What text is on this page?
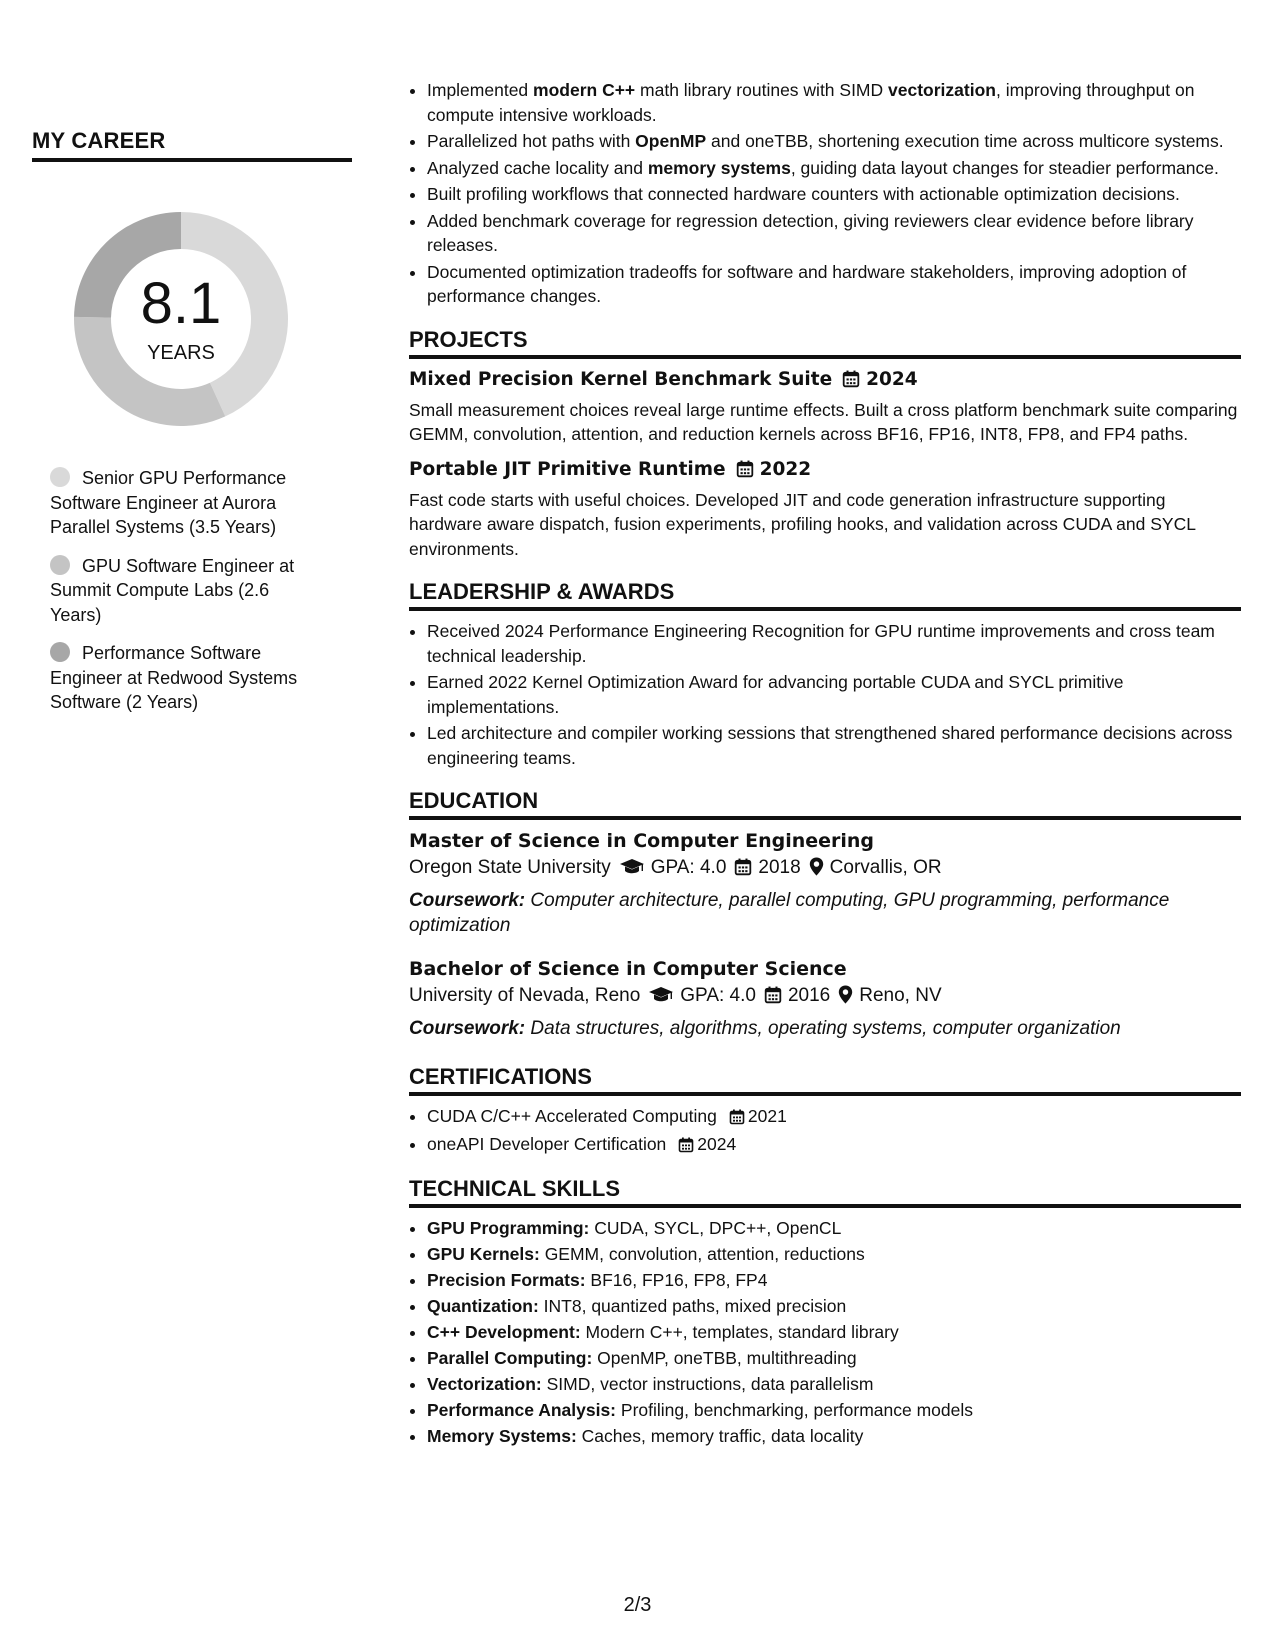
MY CAREER
8.1
YEARS
Senior GPU Performance Software Engineer at Aurora Parallel Systems (3.5 Years)
GPU Software Engineer at Summit Compute Labs (2.6 Years)
Performance Software Engineer at Redwood Systems Software (2 Years)
• Implemented modern C++ math library routines with SIMD vectorization, improving throughput on compute intensive workloads.
• Parallelized hot paths with OpenMP and oneTBB, shortening execution time across multicore systems.
• Analyzed cache locality and memory systems, guiding data layout changes for steadier performance.
• Built profiling workflows that connected hardware counters with actionable optimization decisions.
• Added benchmark coverage for regression detection, giving reviewers clear evidence before library releases.
• Documented optimization tradeoffs for software and hardware stakeholders, improving adoption of performance changes.
PROJECTS
Mixed Precision Kernel Benchmark Suite 2024

Small measurement choices reveal large runtime effects. Built a cross platform benchmark suite comparing GEMM, convolution, attention, and reduction kernels across BF16, FP16, INT8, FP8, and FP4 paths.

Portable JIT Primitive Runtime 2022

Fast code starts with useful choices. Developed JIT and code generation infrastructure supporting hardware aware dispatch, fusion experiments, profiling hooks, and validation across CUDA and SYCL environments.

LEADERSHIP & AWARDS
• Received 2024 Performance Engineering Recognition for GPU runtime improvements and cross team technical leadership.
• Earned 2022 Kernel Optimization Award for advancing portable CUDA and SYCL primitive implementations.
• Led architecture and compiler working sessions that strengthened shared performance decisions across engineering teams.
EDUCATION
Master of Science in Computer Engineering
Oregon State University GPA: 4.0 2018 Corvallis, OR

Coursework: Computer architecture, parallel computing, GPU programming, performance optimization

Bachelor of Science in Computer Science
University of Nevada, Reno GPA: 4.0 2016 Reno, NV

Coursework: Data structures, algorithms, operating systems, computer organization

CERTIFICATIONS
• CUDA C/C++ Accelerated Computing 2021
• oneAPI Developer Certification 2024
TECHNICAL SKILLS
• GPU Programming: CUDA, SYCL, DPC++, OpenCL
• GPU Kernels: GEMM, convolution, attention, reductions
• Precision Formats: BF16, FP16, FP8, FP4
• Quantization: INT8, quantized paths, mixed precision
• C++ Development: Modern C++, templates, standard library
• Parallel Computing: OpenMP, oneTBB, multithreading
• Vectorization: SIMD, vector instructions, data parallelism
• Performance Analysis: Profiling, benchmarking, performance models
• Memory Systems: Caches, memory traffic, data locality
2/3
